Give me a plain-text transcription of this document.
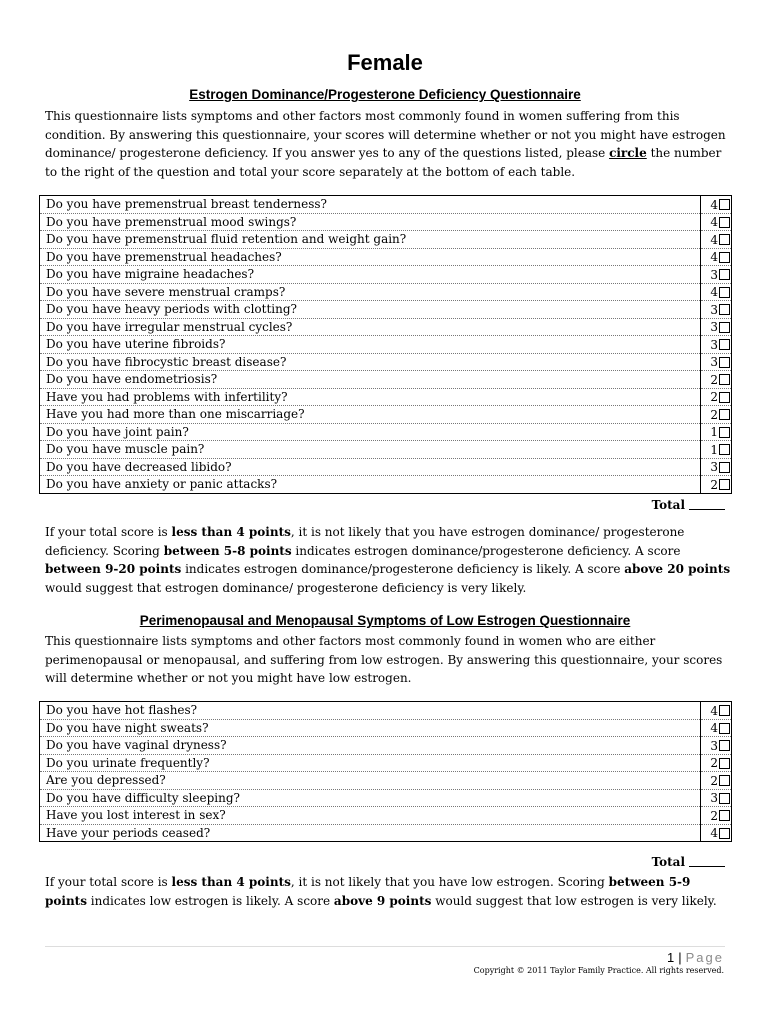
Female
Estrogen Dominance/Progesterone Deficiency Questionnaire
This questionnaire lists symptoms and other factors most commonly found in women suffering from this condition. By answering this questionnaire, your scores will determine whether or not you might have estrogen dominance/ progesterone deficiency. If you answer yes to any of the questions listed, please circle the number to the right of the question and total your score separately at the bottom of each table.
Do you have premenstrual breast tenderness?	4
Do you have premenstrual mood swings?	4
Do you have premenstrual fluid retention and weight gain?	4
Do you have premenstrual headaches?	4
Do you have migraine headaches?	3
Do you have severe menstrual cramps?	4
Do you have heavy periods with clotting?	3
Do you have irregular menstrual cycles?	3
Do you have uterine fibroids?	3
Do you have fibrocystic breast disease?	3
Do you have endometriosis?	2
Have you had problems with infertility?	2
Have you had more than one miscarriage?	2
Do you have joint pain?	1
Do you have muscle pain?	1
Do you have decreased libido?	3
Do you have anxiety or panic attacks?	2
Total
If your total score is less than 4 points, it is not likely that you have estrogen dominance/ progesterone deficiency. Scoring between 5-8 points indicates estrogen dominance/progesterone deficiency. A score between 9-20 points indicates estrogen dominance/progesterone deficiency is likely. A score above 20 points would suggest that estrogen dominance/ progesterone deficiency is very likely.
Perimenopausal and Menopausal Symptoms of Low Estrogen Questionnaire
This questionnaire lists symptoms and other factors most commonly found in women who are either perimenopausal or menopausal, and suffering from low estrogen. By answering this questionnaire, your scores will determine whether or not you might have low estrogen.
Do you have hot flashes?	4
Do you have night sweats?	4
Do you have vaginal dryness?	3
Do you urinate frequently?	2
Are you depressed?	2
Do you have difficulty sleeping?	3
Have you lost interest in sex?	2
Have your periods ceased?	4
Total
If your total score is less than 4 points, it is not likely that you have low estrogen. Scoring between 5-9 points indicates low estrogen is likely. A score above 9 points would suggest that low estrogen is very likely.
1 | Page
Copyright © 2011 Taylor Family Practice. All rights reserved.
